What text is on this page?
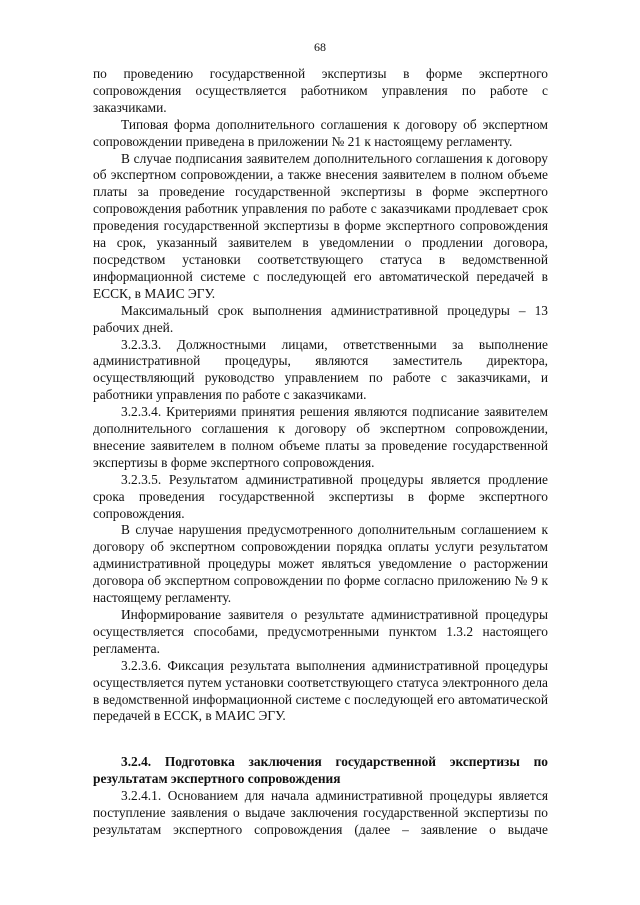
68

по проведению государственной экспертизы в форме экспертного сопровождения осуществляется работником управления по работе с заказчиками.

Типовая форма дополнительного соглашения к договору об экспертном сопровождении приведена в приложении № 21 к настоящему регламенту.

В случае подписания заявителем дополнительного соглашения к договору об экспертном сопровождении, а также внесения заявителем в полном объеме платы за проведение государственной экспертизы в форме экспертного сопровождения работник управления по работе с заказчиками продлевает срок проведения государственной экспертизы в форме экспертного сопровождения на срок, указанный заявителем в уведомлении о продлении договора, посредством установки соответствующего статуса в ведомственной информационной системе с последующей его автоматической передачей в ЕССК, в МАИС ЭГУ.

Максимальный срок выполнения административной процедуры – 13 рабочих дней.

3.2.3.3. Должностными лицами, ответственными за выполнение административной процедуры, являются заместитель директора, осуществляющий руководство управлением по работе с заказчиками, и работники управления по работе с заказчиками.

3.2.3.4. Критериями принятия решения являются подписание заявителем дополнительного соглашения к договору об экспертном сопровождении, внесение заявителем в полном объеме платы за проведение государственной экспертизы в форме экспертного сопровождения.

3.2.3.5. Результатом административной процедуры является продление срока проведения государственной экспертизы в форме экспертного сопровождения.

В случае нарушения предусмотренного дополнительным соглашением к договору об экспертном сопровождении порядка оплаты услуги результатом административной процедуры может являться уведомление о расторжении договора об экспертном сопровождении по форме согласно приложению № 9 к настоящему регламенту.

Информирование заявителя о результате административной процедуры осуществляется способами, предусмотренными пунктом 1.3.2 настоящего регламента.

3.2.3.6. Фиксация результата выполнения административной процедуры осуществляется путем установки соответствующего статуса электронного дела в ведомственной информационной системе с последующей его автоматической передачей в ЕССК, в МАИС ЭГУ.

3.2.4. Подготовка заключения государственной экспертизы по результатам экспертного сопровождения

3.2.4.1. Основанием для начала административной процедуры является поступление заявления о выдаче заключения государственной экспертизы по результатам экспертного сопровождения (далее – заявление о выдаче
